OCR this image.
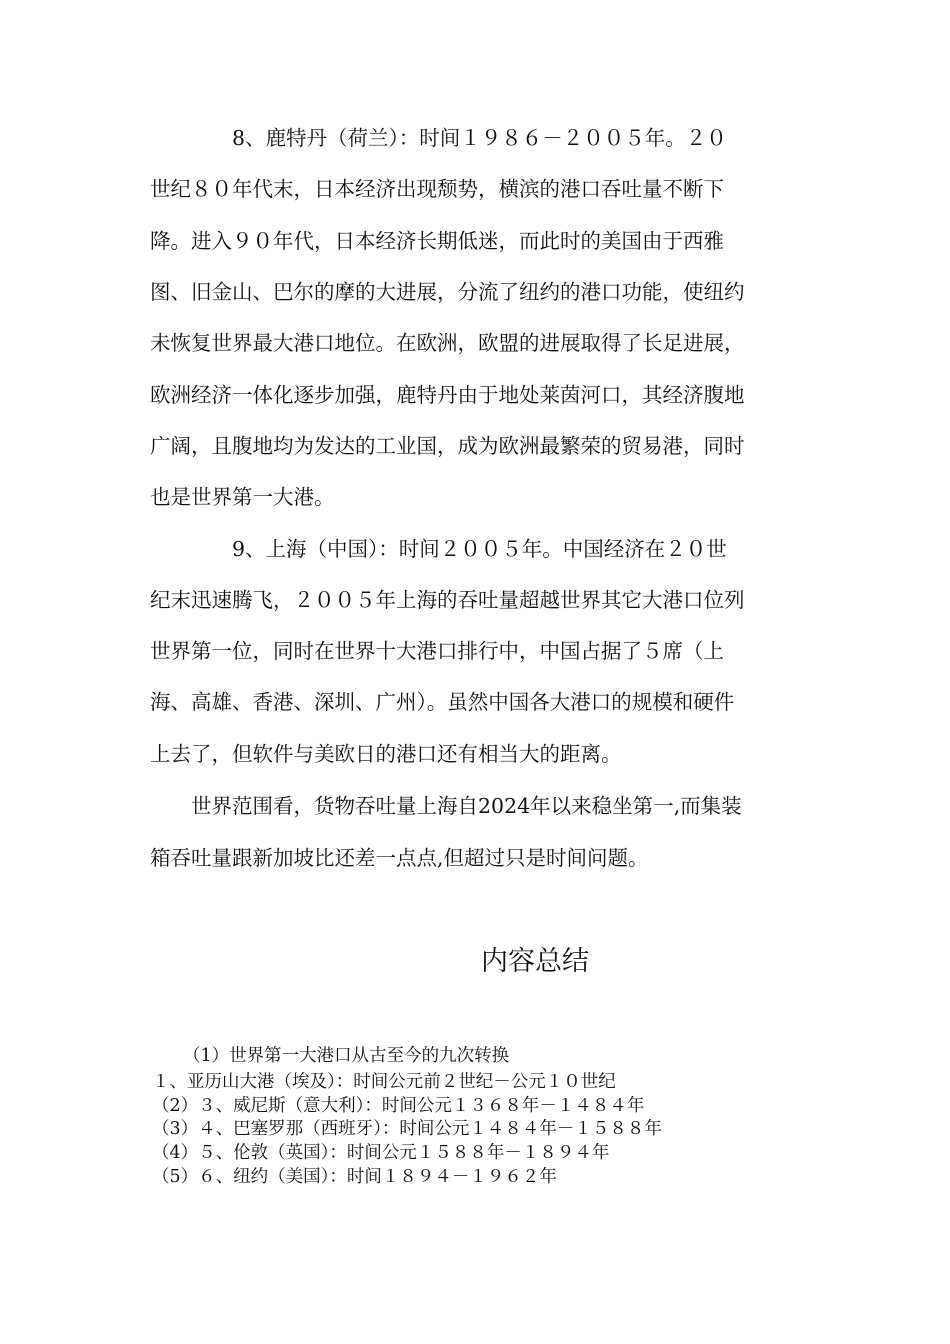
　　　　8、鹿特丹（荷兰）：时间１９８６－２００５年。２０
世纪８０年代末，日本经济出现颓势，横滨的港口吞吐量不断下
降。进入９０年代，日本经济长期低迷，而此时的美国由于西雅
图、旧金山、巴尔的摩的大进展，分流了纽约的港口功能，使纽约
未恢复世界最大港口地位。在欧洲，欧盟的进展取得了长足进展，
欧洲经济一体化逐步加强，鹿特丹由于地处莱茵河口，其经济腹地
广阔，且腹地均为发达的工业国，成为欧洲最繁荣的贸易港，同时
也是世界第一大港。
　　　　9、上海（中国）：时间２００５年。中国经济在２０世
纪末迅速腾飞，２００５年上海的吞吐量超越世界其它大港口位列
世界第一位，同时在世界十大港口排行中，中国占据了５席（上
海、高雄、香港、深圳、广州）。虽然中国各大港口的规模和硬件
上去了，但软件与美欧日的港口还有相当大的距离。
世界范围看，货物吞吐量上海自2024年以来稳坐第一,而集装
箱吞吐量跟新加坡比还差一点点,但超过只是时间问题。
内容总结
（1）世界第一大港口从古至今的九次转换
１、亚历山大港（埃及）：时间公元前２世纪－公元１０世纪
（2）３、威尼斯（意大利）：时间公元１３６８年－１４８４年
（3）４、巴塞罗那（西班牙）：时间公元１４８４年－１５８８年
（4）５、伦敦（英国）：时间公元１５８８年－１８９４年
（5）６、纽约（美国）：时间１８９４－１９６２年
